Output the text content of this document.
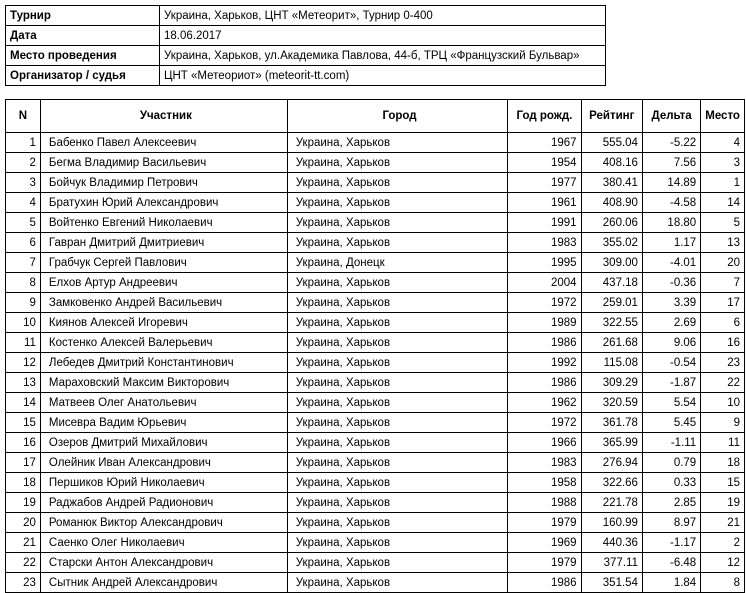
Турнир	Украина, Харьков, ЦНТ «Метеорит», Турнир 0-400
Дата	18.06.2017
Место проведения	Украина, Харьков, ул.Академика Павлова, 44-б, ТРЦ «Французский Бульвар»
Организатор / судья	ЦНТ «Метеориот» (meteorit-tt.com)
N	Участник	Город	Год рожд.	Рейтинг	Дельта	Место
1	Бабенко Павел Алексеевич	Украина, Харьков	1967	555.04	-5.22	4
2	Бегма Владимир Васильевич	Украина, Харьков	1954	408.16	7.56	3
3	Бойчук Владимир Петрович	Украина, Харьков	1977	380.41	14.89	1
4	Братухин Юрий Александрович	Украина, Харьков	1961	408.90	-4.58	14
5	Войтенко Евгений Николаевич	Украина, Харьков	1991	260.06	18.80	5
6	Гавран Дмитрий Дмитриевич	Украина, Харьков	1983	355.02	1.17	13
7	Грабчук Сергей Павлович	Украина, Донецк	1995	309.00	-4.01	20
8	Елхов Артур Андреевич	Украина, Харьков	2004	437.18	-0.36	7
9	Замковенко Андрей Васильевич	Украина, Харьков	1972	259.01	3.39	17
10	Киянов Алексей Игоревич	Украина, Харьков	1989	322.55	2.69	6
11	Костенко Алексей Валерьевич	Украина, Харьков	1986	261.68	9.06	16
12	Лебедев Дмитрий Константинович	Украина, Харьков	1992	115.08	-0.54	23
13	Мараховский Максим Викторович	Украина, Харьков	1986	309.29	-1.87	22
14	Матвеев Олег Анатольевич	Украина, Харьков	1962	320.59	5.54	10
15	Мисевра Вадим Юрьевич	Украина, Харьков	1972	361.78	5.45	9
16	Озеров Дмитрий Михайлович	Украина, Харьков	1966	365.99	-1.11	11
17	Олейник Иван Александрович	Украина, Харьков	1983	276.94	0.79	18
18	Першиков Юрий Николаевич	Украина, Харьков	1958	322.66	0.33	15
19	Раджабов Андрей Радионович	Украина, Харьков	1988	221.78	2.85	19
20	Романюк Виктор Александрович	Украина, Харьков	1979	160.99	8.97	21
21	Саенко Олег Николаевич	Украина, Харьков	1969	440.36	-1.17	2
22	Старски Антон Александрович	Украина, Харьков	1979	377.11	-6.48	12
23	Сытник Андрей Александрович	Украина, Харьков	1986	351.54	1.84	8
